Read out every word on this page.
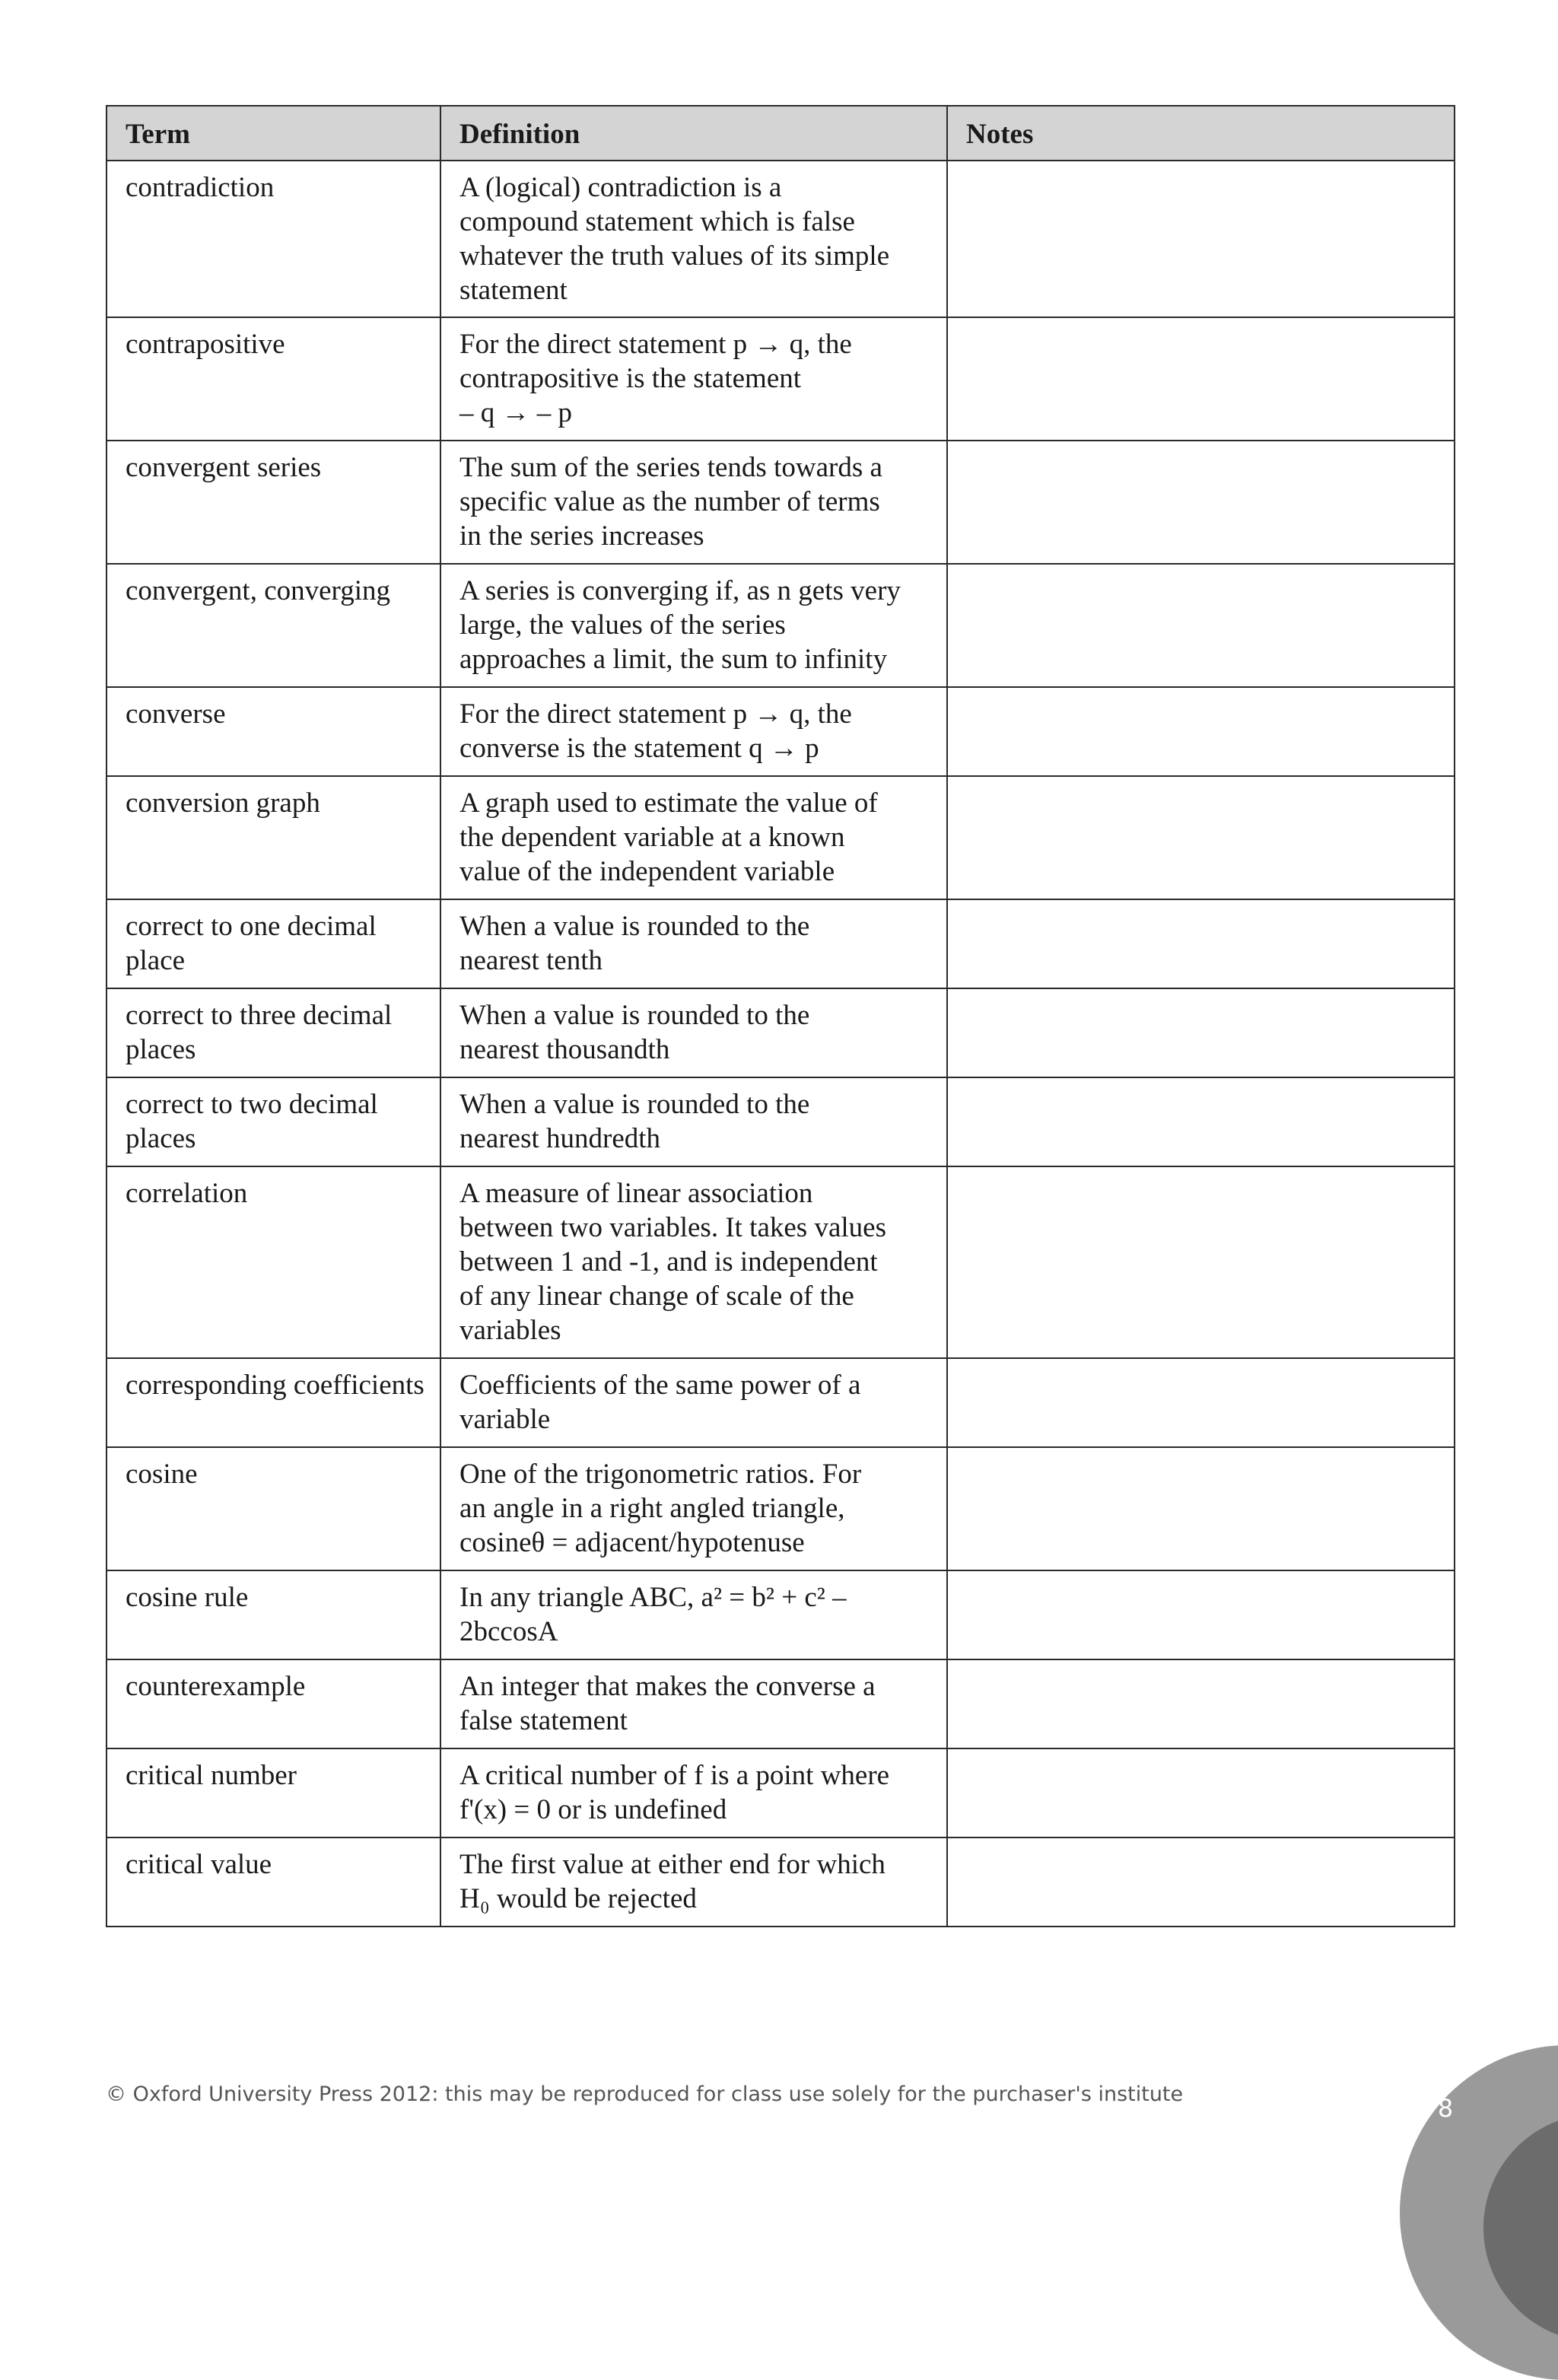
Term	Definition	Notes
contradiction	A (logical) contradiction is a
compound statement which is false
whatever the truth values of its simple
statement	

contrapositive	For the direct statement p → q, the
contrapositive is the statement
– q → – p	

convergent series	The sum of the series tends towards a
specific value as the number of terms
in the series increases	

convergent, converging	A series is converging if, as n gets very
large, the values of the series
approaches a limit, the sum to infinity	

converse	For the direct statement p → q, the
converse is the statement q → p	

conversion graph	A graph used to estimate the value of
the dependent variable at a known
value of the independent variable	

correct to one decimal place	When a value is rounded to the
nearest tenth	

correct to three decimal places	When a value is rounded to the
nearest thousandth	

correct to two decimal places	When a value is rounded to the
nearest hundredth	

correlation	A measure of linear association
between two variables. It takes values
between 1 and -1, and is independent
of any linear change of scale of the
variables	

corresponding coefficients	Coefficients of the same power of a
variable	

cosine	One of the trigonometric ratios. For
an angle in a right angled triangle,
cosineθ = adjacent/hypotenuse	

cosine rule	In any triangle ABC, a² = b² + c² –
2bccosA	

counterexample	An integer that makes the converse a
false statement	

critical number	A critical number of f is a point where
f'(x) = 0 or is undefined	

critical value	The first value at either end for which
H₀ would be rejected	

© Oxford University Press 2012: this may be reproduced for class use solely for the purchaser's institute	8
